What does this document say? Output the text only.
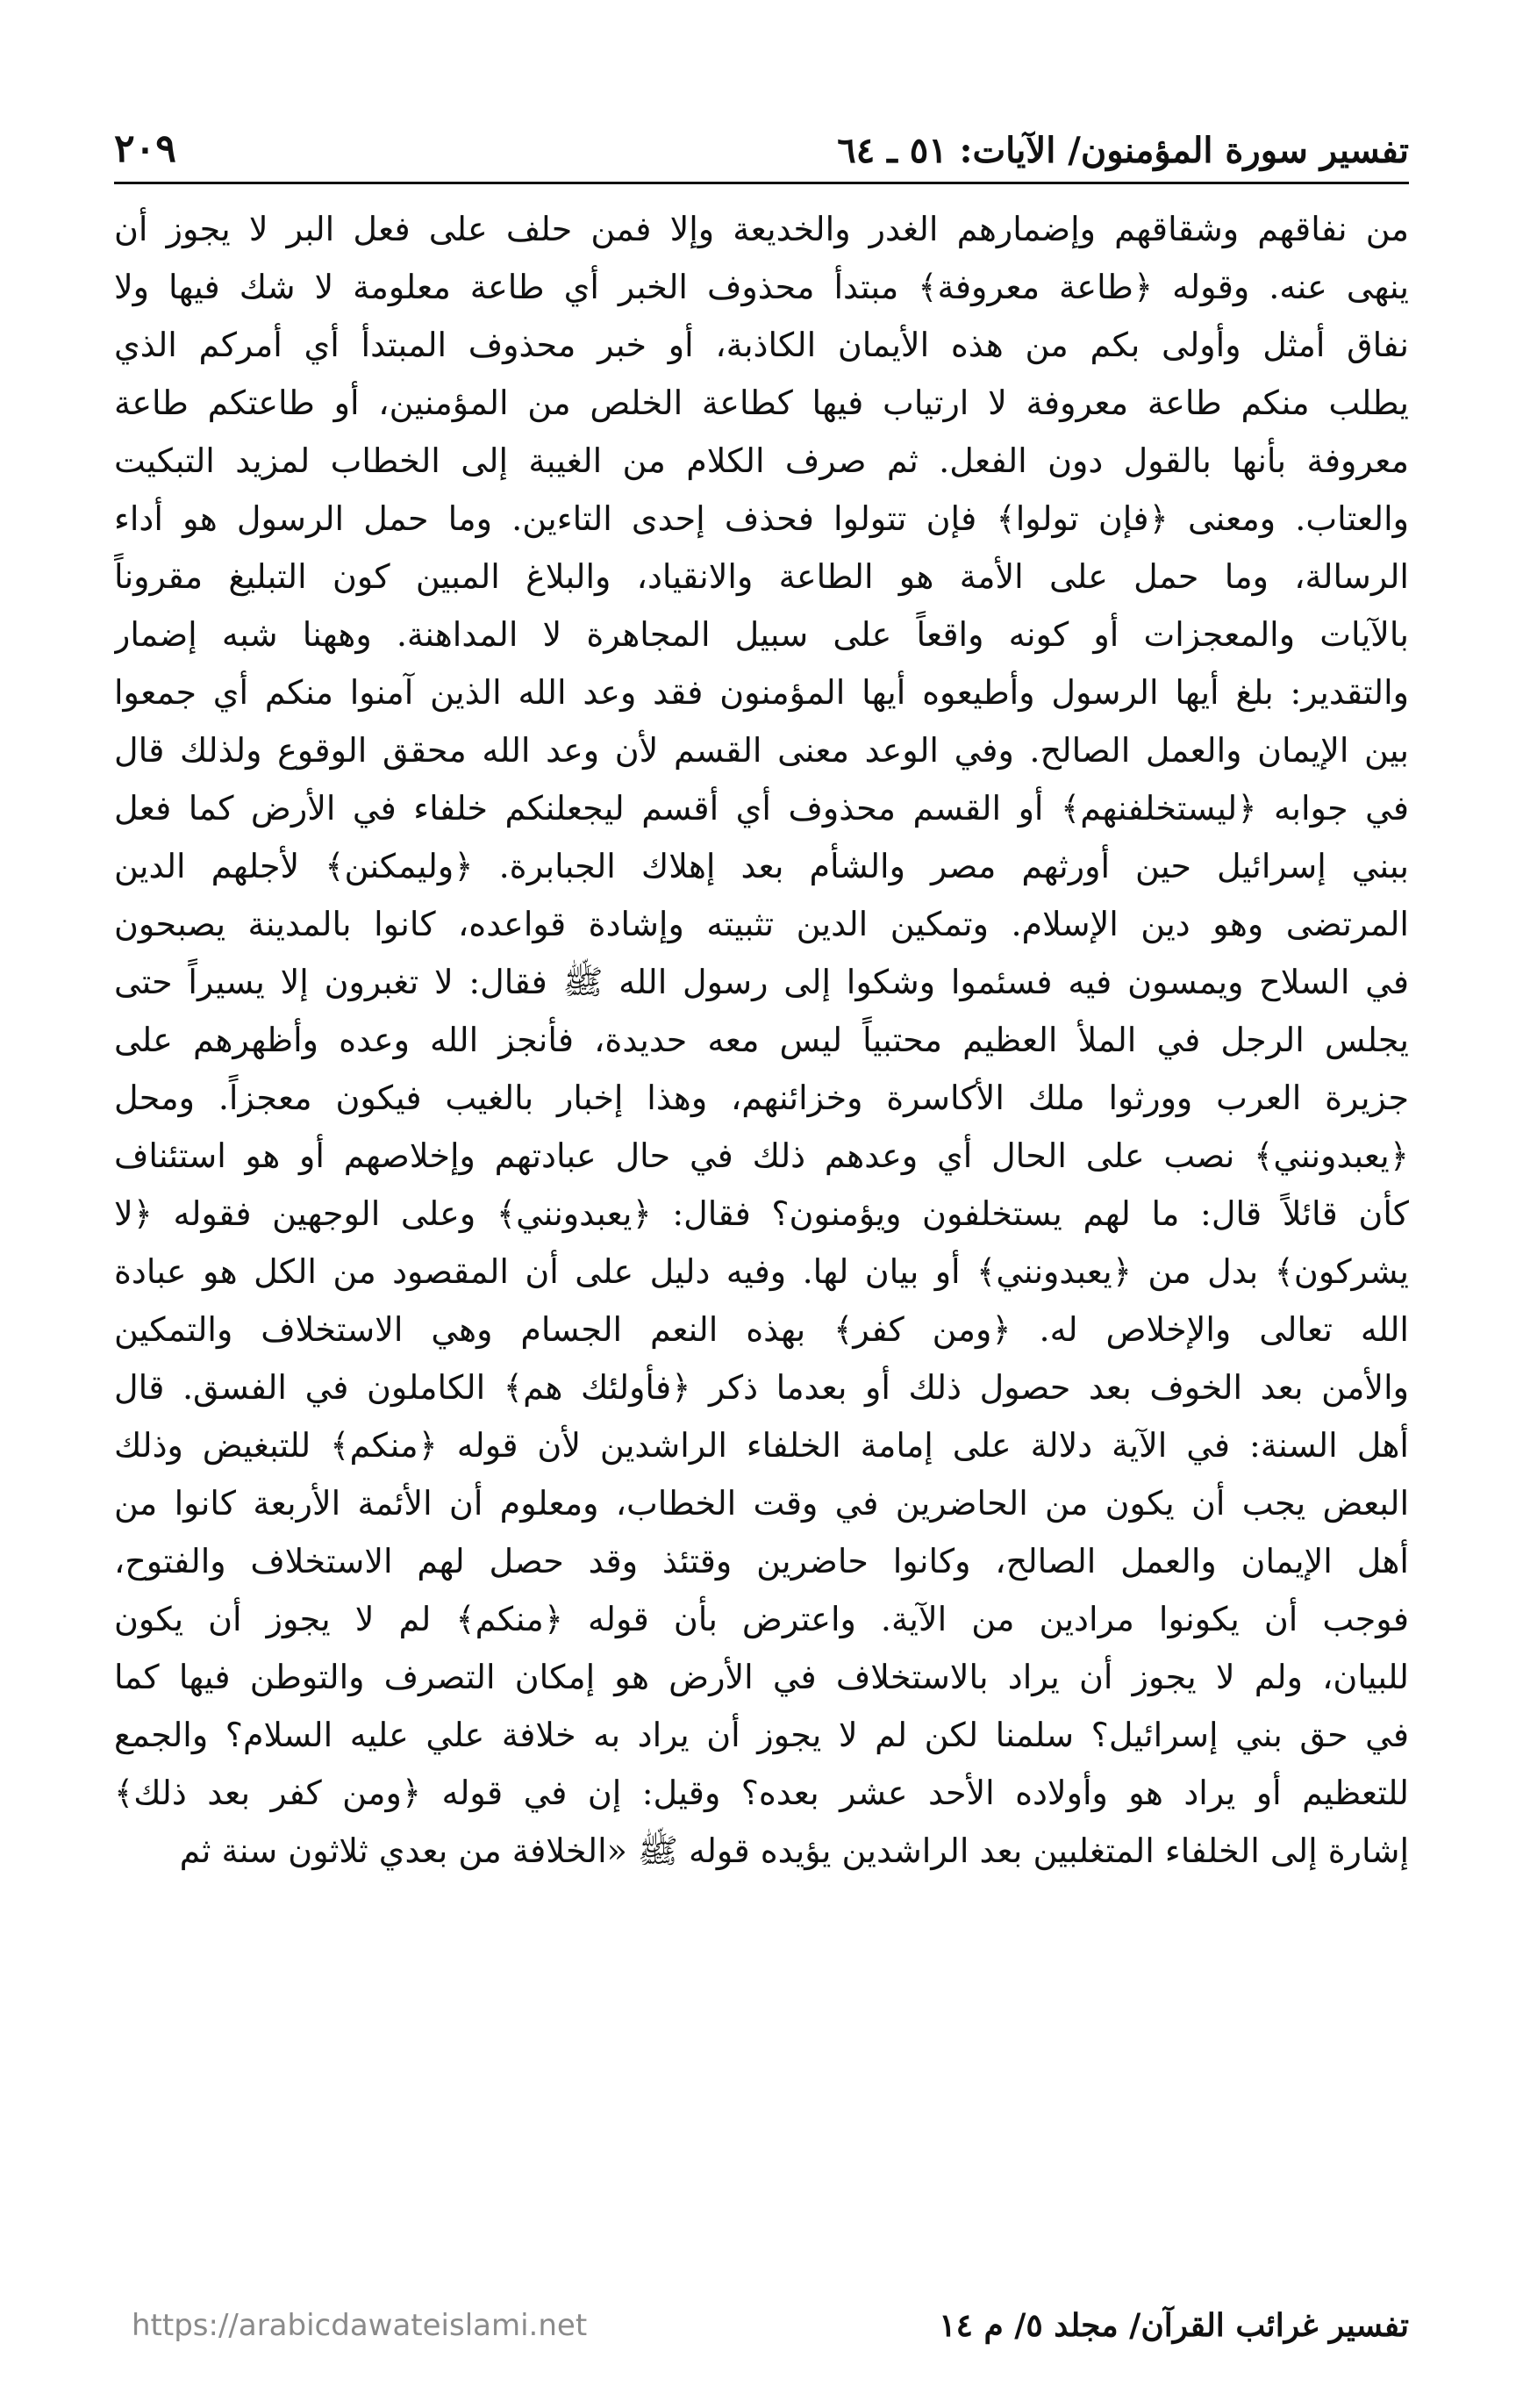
تفسير سورة المؤمنون/ الآيات: ٥١ ـ ٦٤
٢٠٩
من نفاقهم وشقاقهم وإضمارهم الغدر والخديعة وإلا فمن حلف على فعل البر لا يجوز أن
ينهى عنه. وقوله ﴿طاعة معروفة﴾ مبتدأ محذوف الخبر أي طاعة معلومة لا شك فيها ولا
نفاق أمثل وأولى بكم من هذه الأيمان الكاذبة، أو خبر محذوف المبتدأ أي أمركم الذي
يطلب منكم طاعة معروفة لا ارتياب فيها كطاعة الخلص من المؤمنين، أو طاعتكم طاعة
معروفة بأنها بالقول دون الفعل. ثم صرف الكلام من الغيبة إلى الخطاب لمزيد التبكيت
والعتاب. ومعنى ﴿فإن تولوا﴾ فإن تتولوا فحذف إحدى التاءين. وما حمل الرسول هو أداء
الرسالة، وما حمل على الأمة هو الطاعة والانقياد، والبلاغ المبين كون التبليغ مقروناً
بالآيات والمعجزات أو كونه واقعاً على سبيل المجاهرة لا المداهنة. وههنا شبه إضمار
والتقدير: بلغ أيها الرسول وأطيعوه أيها المؤمنون فقد وعد الله الذين آمنوا منكم أي جمعوا
بين الإيمان والعمل الصالح. وفي الوعد معنى القسم لأن وعد الله محقق الوقوع ولذلك قال
في جوابه ﴿ليستخلفنهم﴾ أو القسم محذوف أي أقسم ليجعلنكم خلفاء في الأرض كما فعل
ببني إسرائيل حين أورثهم مصر والشأم بعد إهلاك الجبابرة. ﴿وليمكنن﴾ لأجلهم الدين
المرتضى وهو دين الإسلام. وتمكين الدين تثبيته وإشادة قواعده، كانوا بالمدينة يصبحون
في السلاح ويمسون فيه فسئموا وشكوا إلى رسول الله ﷺ فقال: لا تغبرون إلا يسيراً حتى
يجلس الرجل في الملأ العظيم محتبياً ليس معه حديدة، فأنجز الله وعده وأظهرهم على
جزيرة العرب وورثوا ملك الأكاسرة وخزائنهم، وهذا إخبار بالغيب فيكون معجزاً. ومحل
﴿يعبدونني﴾ نصب على الحال أي وعدهم ذلك في حال عبادتهم وإخلاصهم أو هو استئناف
كأن قائلاً قال: ما لهم يستخلفون ويؤمنون؟ فقال: ﴿يعبدونني﴾ وعلى الوجهين فقوله ﴿لا
يشركون﴾ بدل من ﴿يعبدونني﴾ أو بيان لها. وفيه دليل على أن المقصود من الكل هو عبادة
الله تعالى والإخلاص له. ﴿ومن كفر﴾ بهذه النعم الجسام وهي الاستخلاف والتمكين
والأمن بعد الخوف بعد حصول ذلك أو بعدما ذكر ﴿فأولئك هم﴾ الكاملون في الفسق. قال
أهل السنة: في الآية دلالة على إمامة الخلفاء الراشدين لأن قوله ﴿منكم﴾ للتبغيض وذلك
البعض يجب أن يكون من الحاضرين في وقت الخطاب، ومعلوم أن الأئمة الأربعة كانوا من
أهل الإيمان والعمل الصالح، وكانوا حاضرين وقتئذ وقد حصل لهم الاستخلاف والفتوح،
فوجب أن يكونوا مرادين من الآية. واعترض بأن قوله ﴿منكم﴾ لم لا يجوز أن يكون
للبيان، ولم لا يجوز أن يراد بالاستخلاف في الأرض هو إمكان التصرف والتوطن فيها كما
في حق بني إسرائيل؟ سلمنا لكن لم لا يجوز أن يراد به خلافة علي عليه السلام؟ والجمع
للتعظيم أو يراد هو وأولاده الأحد عشر بعده؟ وقيل: إن في قوله ﴿ومن كفر بعد ذلك﴾
إشارة إلى الخلفاء المتغلبين بعد الراشدين يؤيده قوله ﷺ «الخلافة من بعدي ثلاثون سنة ثم
تفسير غرائب القرآن/ مجلد ٥/ م ١٤
https://arabicdawateislami.net
